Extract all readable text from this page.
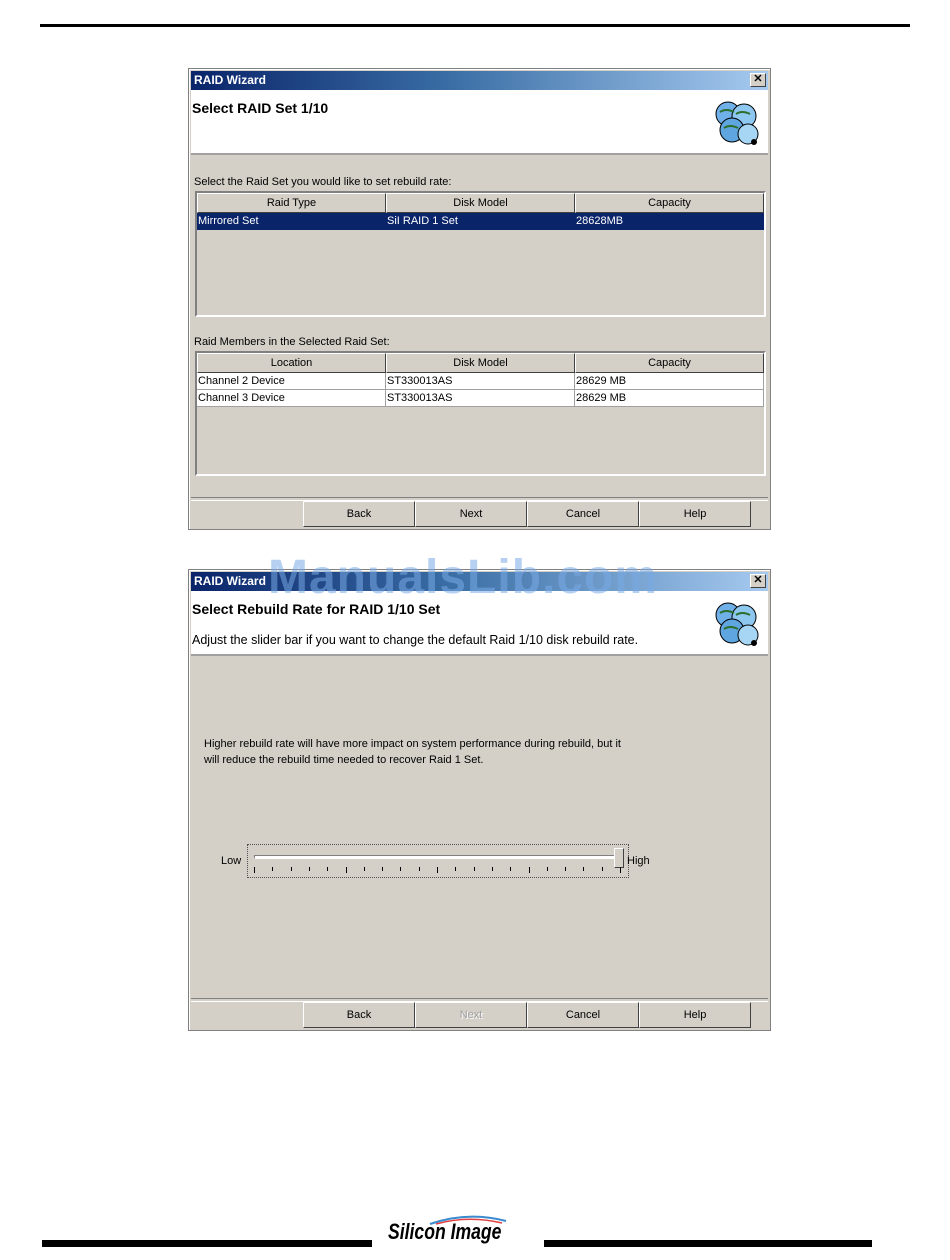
RAID Wizard	✕
Select RAID Set 1/10
Select the Raid Set you would like to set rebuild rate:
Raid Type	Disk Model	Capacity
Mirrored Set	SiI RAID 1 Set	28628MB
Raid Members in the Selected Raid Set:
Location	Disk Model	Capacity
Channel 2 Device	ST330013AS	28629 MB
Channel 3 Device	ST330013AS	28629 MB
Back	Next	Cancel	Help
RAID Wizard	✕
Select Rebuild Rate for RAID 1/10 Set
Adjust the slider bar if you want to change the default Raid 1/10 disk rebuild rate.
Higher rebuild rate will have more impact on system performance during rebuild, but it
will reduce the rebuild time needed to recover Raid 1 Set.
Low	High
Back	Next	Cancel	Help
ManualsLib.com
Silicon Image
